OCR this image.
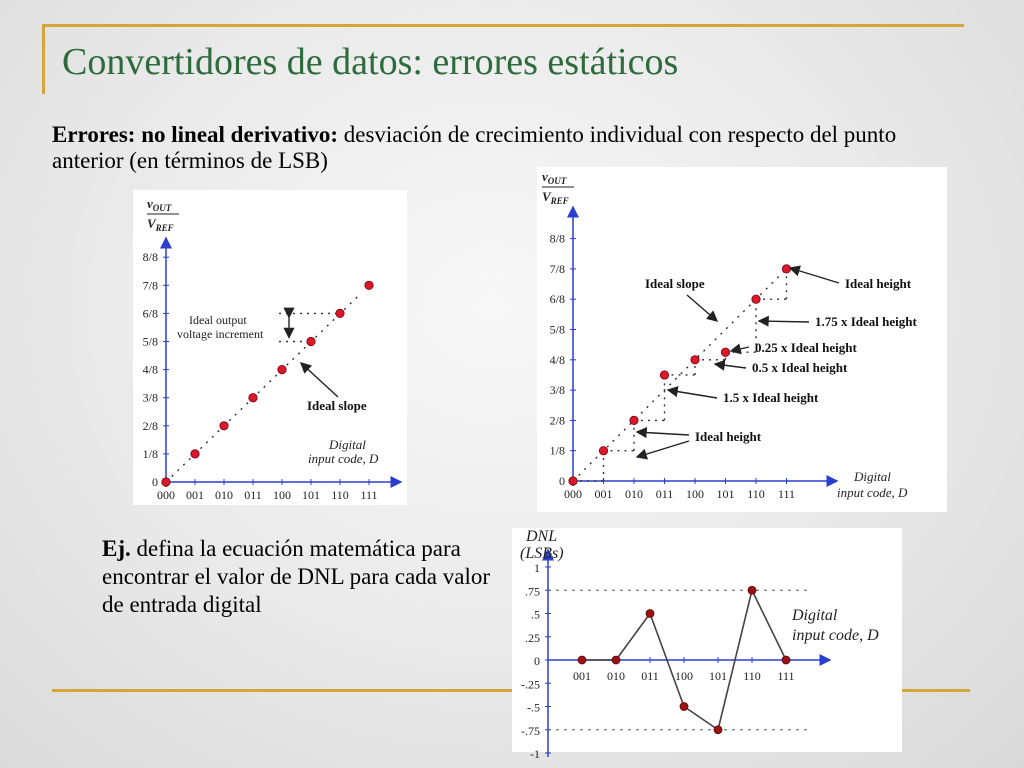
Convertidores de datos: errores estáticos
Errores: no lineal derivativo: desviación de crecimiento individual con respecto del punto anterior (en términos de LSB)
$v_{OUT}$
$V_{REF}$
0
1/8
2/8
3/8
4/8
5/8
6/8
7/8
8/8
000 001 010 011 100 101 110 111
Ideal output
voltage increment
Ideal slope
Digital
input code, D
$v_{OUT}$
$V_{REF}$
0
1/8
2/8
3/8
4/8
5/8
6/8
7/8
8/8
000 001 010 011 100 101 110 111
Ideal slope	Ideal height
1.75 x Ideal height
0.25 x Ideal height
0.5 x Ideal height
1.5 x Ideal height
Ideal height
Digital
input code, D
DNL
(LSBs)
1
.75
.5
.25
0
-.25
-.5
-.75
-1
001 010 011 100 101 110 111
Digital
input code, D
Ej. defina la ecuación matemática para encontrar el valor de DNL para cada valor de entrada digital
